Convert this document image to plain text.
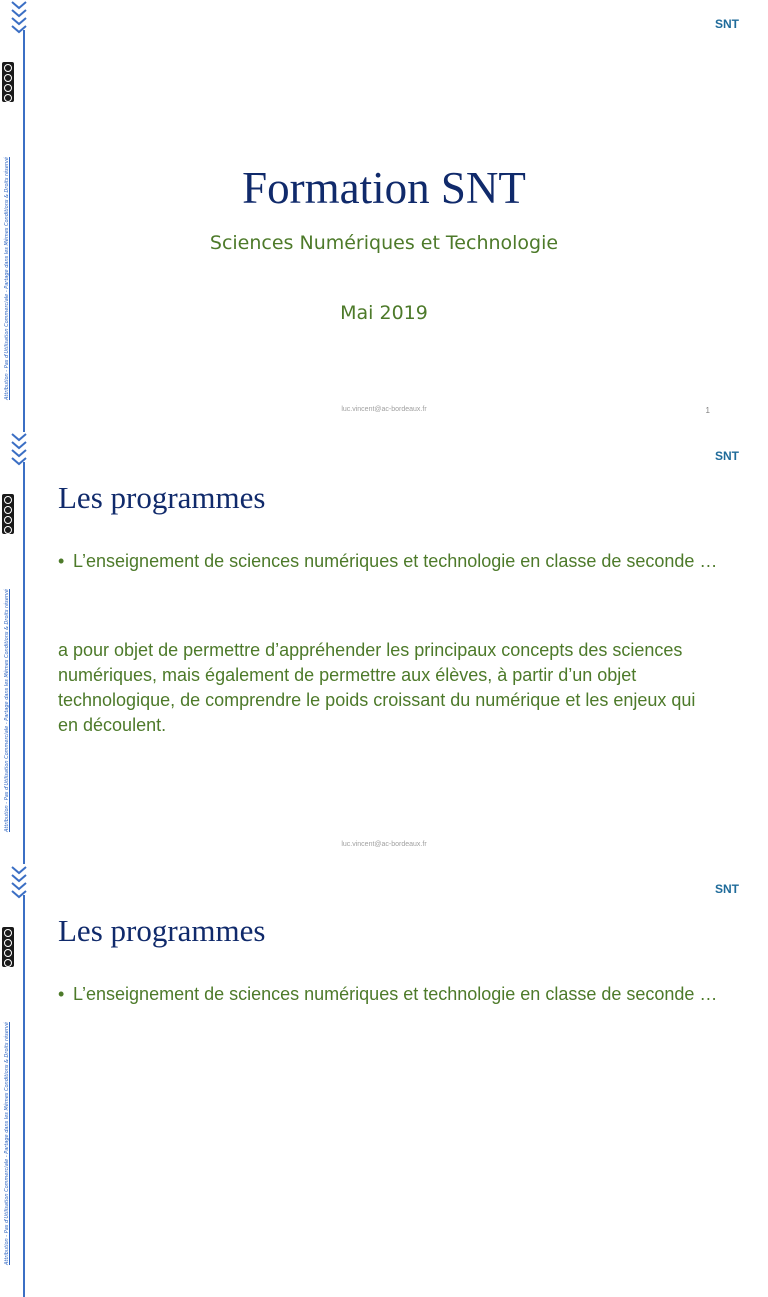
Attribution - Pas d'Utilisation Commerciale - Partage dans les Mêmes Conditions & Droits réservé
SNT
Formation SNT
Sciences Numériques et Technologie
Mai 2019
luc.vincent@ac-bordeaux.fr	1
Attribution - Pas d'Utilisation Commerciale - Partage dans les Mêmes Conditions & Droits réservé
SNT
Les programmes
• L’enseignement de sciences numériques et technologie en classe de seconde …
a pour objet de permettre d’appréhender les principaux concepts des sciences numériques, mais également de permettre aux élèves, à partir d’un objet technologique, de comprendre le poids croissant du numérique et les enjeux qui en découlent.
luc.vincent@ac-bordeaux.fr
Attribution - Pas d'Utilisation Commerciale - Partage dans les Mêmes Conditions & Droits réservé
SNT
Les programmes
• L’enseignement de sciences numériques et technologie en classe de seconde …
